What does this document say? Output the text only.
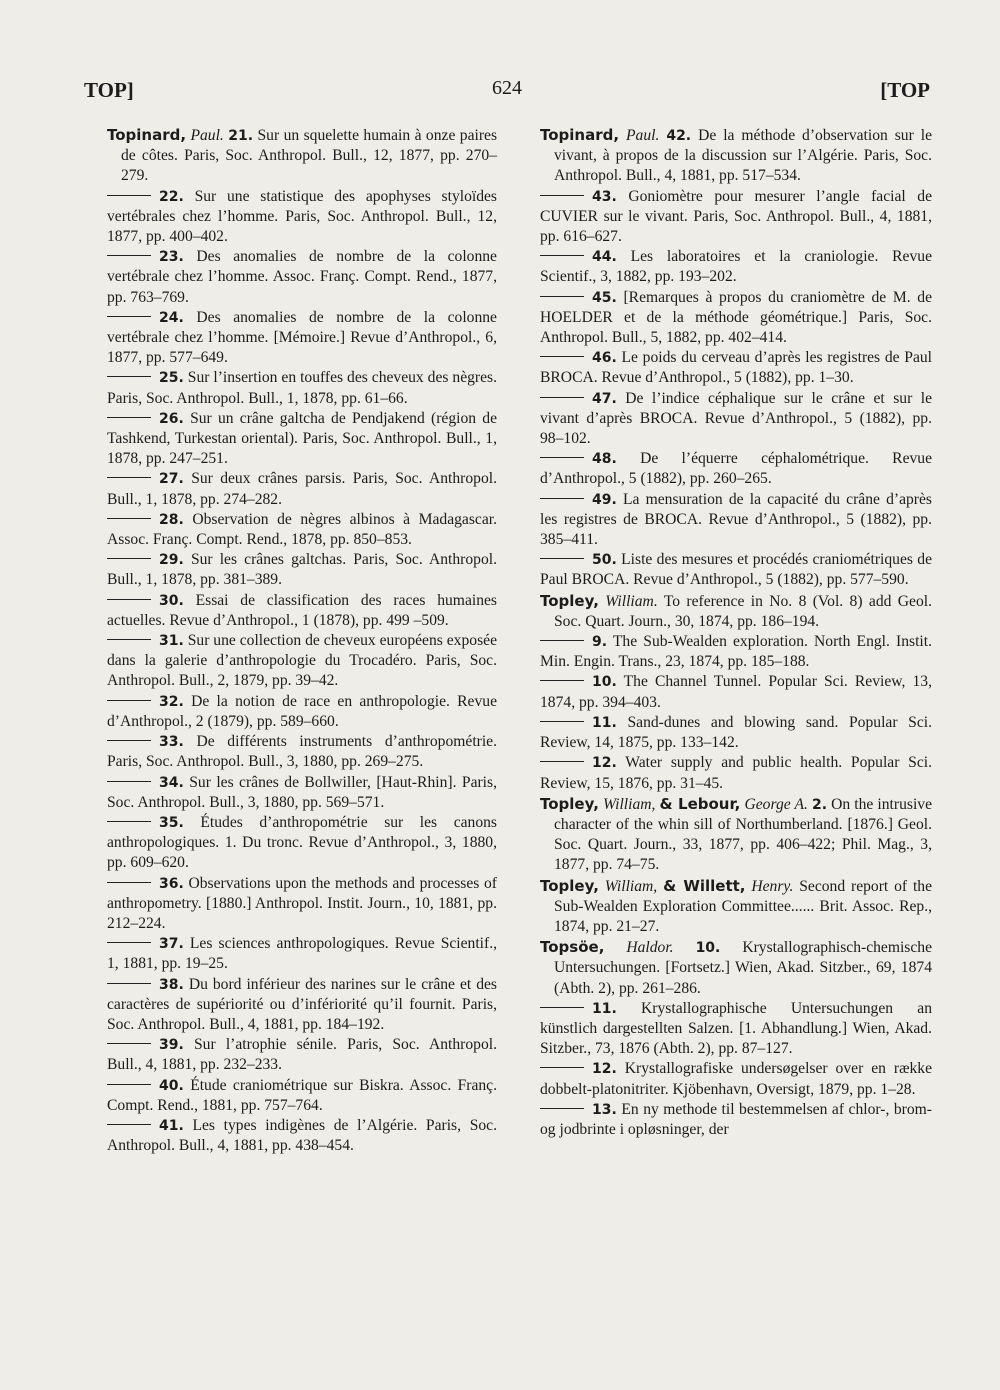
TOP]	624	[TOP

Topinard, Paul. 21. Sur un squelette humain à onze paires de côtes. Paris, Soc. Anthropol. Bull., 12, 1877, pp. 270–279.

22. Sur une statistique des apophyses styloïdes vertébrales chez l’homme. Paris, Soc. Anthropol. Bull., 12, 1877, pp. 400–402.

23. Des anomalies de nombre de la colonne vertébrale chez l’homme. Assoc. Franç. Compt. Rend., 1877, pp. 763–769.

24. Des anomalies de nombre de la colonne vertébrale chez l’homme. [Mémoire.] Revue d’Anthropol., 6, 1877, pp. 577–649.

25. Sur l’insertion en touffes des cheveux des nègres. Paris, Soc. Anthropol. Bull., 1, 1878, pp. 61–66.

26. Sur un crâne galtcha de Pendjakend (région de Tashkend, Turkestan oriental). Paris, Soc. Anthropol. Bull., 1, 1878, pp. 247–251.

27. Sur deux crânes parsis. Paris, Soc. Anthropol. Bull., 1, 1878, pp. 274–282.

28. Observation de nègres albinos à Madagascar. Assoc. Franç. Compt. Rend., 1878, pp. 850–853.

29. Sur les crânes galtchas. Paris, Soc. Anthropol. Bull., 1, 1878, pp. 381–389.

30. Essai de classification des races humaines actuelles. Revue d’Anthropol., 1 (1878), pp. 499 –509.

31. Sur une collection de cheveux européens exposée dans la galerie d’anthropologie du Trocadéro. Paris, Soc. Anthropol. Bull., 2, 1879, pp. 39–42.

32. De la notion de race en anthropologie. Revue d’Anthropol., 2 (1879), pp. 589–660.

33. De différents instruments d’anthropométrie. Paris, Soc. Anthropol. Bull., 3, 1880, pp. 269–275.

34. Sur les crânes de Bollwiller, [Haut-Rhin]. Paris, Soc. Anthropol. Bull., 3, 1880, pp. 569–571.

35. Études d’anthropométrie sur les canons anthropologiques. 1. Du tronc. Revue d’Anthropol., 3, 1880, pp. 609–620.

36. Observations upon the methods and processes of anthropometry. [1880.] Anthropol. Instit. Journ., 10, 1881, pp. 212–224.

37. Les sciences anthropologiques. Revue Scientif., 1, 1881, pp. 19–25.

38. Du bord inférieur des narines sur le crâne et des caractères de supériorité ou d’infériorité qu’il fournit. Paris, Soc. Anthropol. Bull., 4, 1881, pp. 184–192.

39. Sur l’atrophie sénile. Paris, Soc. Anthropol. Bull., 4, 1881, pp. 232–233.

40. Étude craniométrique sur Biskra. Assoc. Franç. Compt. Rend., 1881, pp. 757–764.

41. Les types indigènes de l’Algérie. Paris, Soc. Anthropol. Bull., 4, 1881, pp. 438–454.

Topinard, Paul. 42. De la méthode d’observation sur le vivant, à propos de la discussion sur l’Algérie. Paris, Soc. Anthropol. Bull., 4, 1881, pp. 517–534.

43. Goniomètre pour mesurer l’angle facial de CUVIER sur le vivant. Paris, Soc. Anthropol. Bull., 4, 1881, pp. 616–627.

44. Les laboratoires et la craniologie. Revue Scientif., 3, 1882, pp. 193–202.

45. [Remarques à propos du craniomètre de M. de HOELDER et de la méthode géométrique.] Paris, Soc. Anthropol. Bull., 5, 1882, pp. 402–414.

46. Le poids du cerveau d’après les registres de Paul BROCA. Revue d’Anthropol., 5 (1882), pp. 1–30.

47. De l’indice céphalique sur le crâne et sur le vivant d’après BROCA. Revue d’Anthropol., 5 (1882), pp. 98–102.

48. De l’équerre céphalométrique. Revue d’Anthropol., 5 (1882), pp. 260–265.

49. La mensuration de la capacité du crâne d’après les registres de BROCA. Revue d’Anthropol., 5 (1882), pp. 385–411.

50. Liste des mesures et procédés craniométriques de Paul BROCA. Revue d’Anthropol., 5 (1882), pp. 577–590.

Topley, William. To reference in No. 8 (Vol. 8) add Geol. Soc. Quart. Journ., 30, 1874, pp. 186–194.

9. The Sub-Wealden exploration. North Engl. Instit. Min. Engin. Trans., 23, 1874, pp. 185–188.

10. The Channel Tunnel. Popular Sci. Review, 13, 1874, pp. 394–403.

11. Sand-dunes and blowing sand. Popular Sci. Review, 14, 1875, pp. 133–142.

12. Water supply and public health. Popular Sci. Review, 15, 1876, pp. 31–45.

Topley, William, & Lebour, George A. 2. On the intrusive character of the whin sill of Northumberland. [1876.] Geol. Soc. Quart. Journ., 33, 1877, pp. 406–422; Phil. Mag., 3, 1877, pp. 74–75.

Topley, William, & Willett, Henry. Second report of the Sub-Wealden Exploration Committee...... Brit. Assoc. Rep., 1874, pp. 21–27.

Topsöe, Haldor. 10. Krystallographisch-chemische Untersuchungen. [Fortsetz.] Wien, Akad. Sitzber., 69, 1874 (Abth. 2), pp. 261–286.

11. Krystallographische Untersuchungen an künstlich dargestellten Salzen. [1. Abhandlung.] Wien, Akad. Sitzber., 73, 1876 (Abth. 2), pp. 87–127.

12. Krystallografiske undersøgelser over en række dobbelt-platonitriter. Kjöbenhavn, Oversigt, 1879, pp. 1–28.

13. En ny methode til bestemmelsen af chlor-, brom- og jodbrinte i opløsninger, der
